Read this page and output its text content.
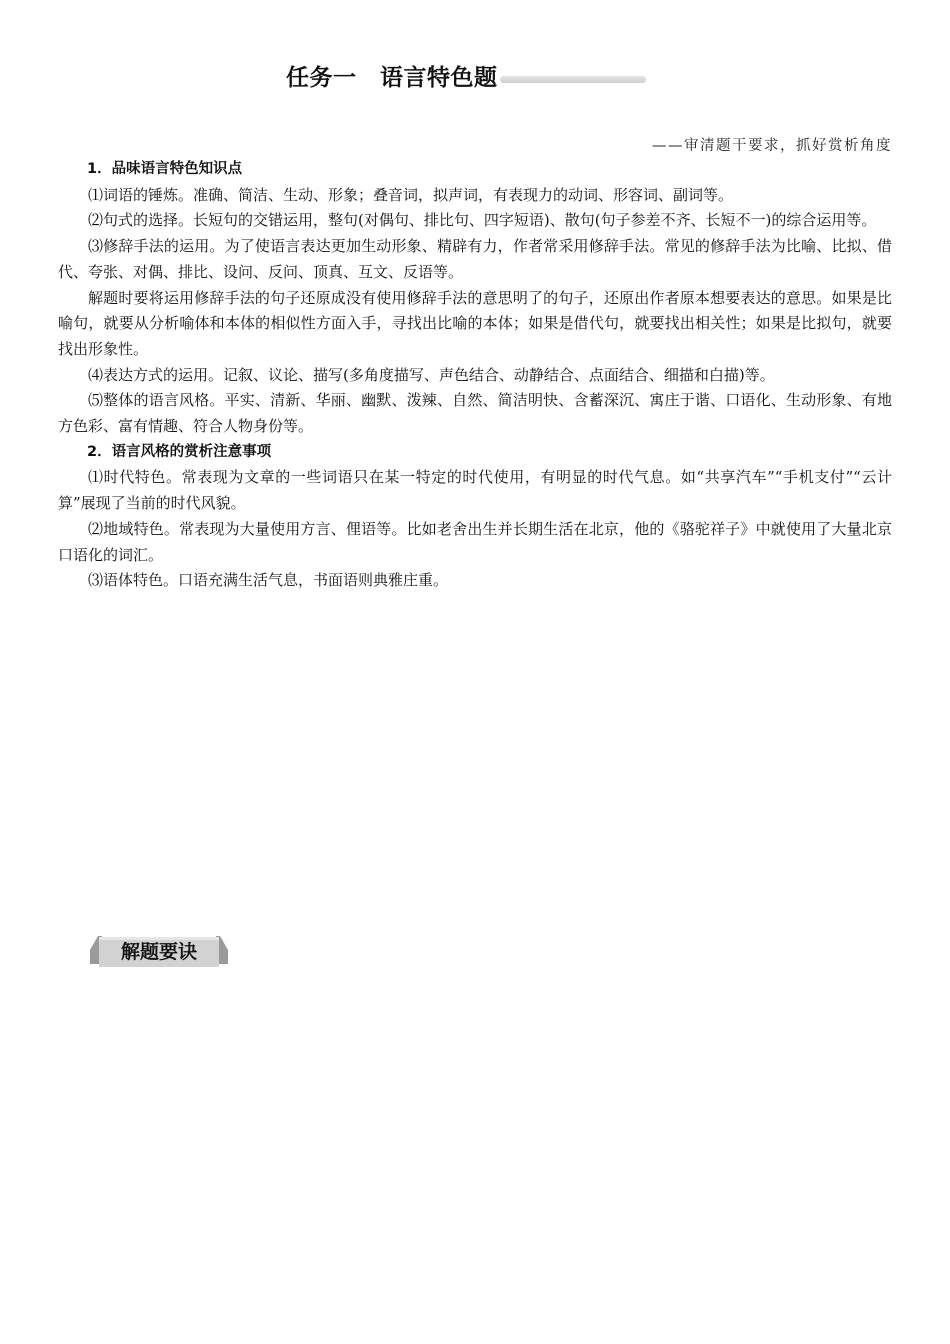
任务一　语言特色题
——审清题干要求，抓好赏析角度

1．品味语言特色知识点

⑴词语的锤炼。准确、简洁、生动、形象；叠音词，拟声词，有表现力的动词、形容词、副词等。

⑵句式的选择。长短句的交错运用，整句(对偶句、排比句、四字短语)、散句(句子参差不齐、长短不一)的综合运用等。

⑶修辞手法的运用。为了使语言表达更加生动形象、精辟有力，作者常采用修辞手法。常见的修辞手法为比喻、比拟、借代、夸张、对偶、排比、设问、反问、顶真、互文、反语等。

解题时要将运用修辞手法的句子还原成没有使用修辞手法的意思明了的句子，还原出作者原本想要表达的意思。如果是比喻句，就要从分析喻体和本体的相似性方面入手，寻找出比喻的本体；如果是借代句，就要找出相关性；如果是比拟句，就要找出形象性。

⑷表达方式的运用。记叙、议论、描写(多角度描写、声色结合、动静结合、点面结合、细描和白描)等。

⑸整体的语言风格。平实、清新、华丽、幽默、泼辣、自然、简洁明快、含蓄深沉、寓庄于谐、口语化、生动形象、有地方色彩、富有情趣、符合人物身份等。

2．语言风格的赏析注意事项

⑴时代特色。常表现为文章的一些词语只在某一特定的时代使用，有明显的时代气息。如“共享汽车”“手机支付”“云计算”展现了当前的时代风貌。

⑵地域特色。常表现为大量使用方言、俚语等。比如老舍出生并长期生活在北京，他的《骆驼祥子》中就使用了大量北京口语化的词汇。

⑶语体特色。口语充满生活气息，书面语则典雅庄重。

解题要诀
